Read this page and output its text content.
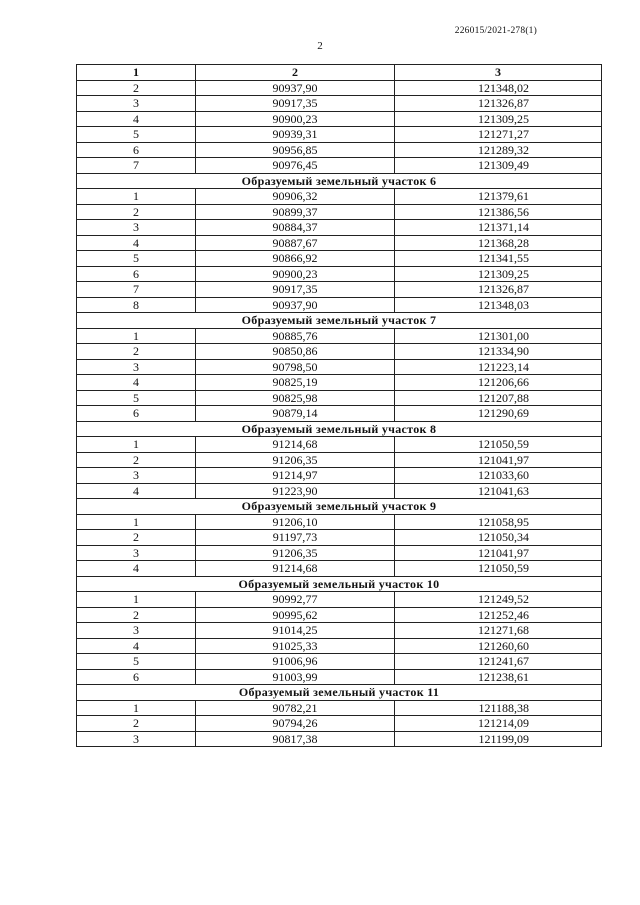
226015/2021-278(1)
2
1	2	3
2	90937,90	121348,02
3	90917,35	121326,87
4	90900,23	121309,25
5	90939,31	121271,27
6	90956,85	121289,32
7	90976,45	121309,49
Образуемый земельный участок 6		
1	90906,32	121379,61
2	90899,37	121386,56
3	90884,37	121371,14
4	90887,67	121368,28
5	90866,92	121341,55
6	90900,23	121309,25
7	90917,35	121326,87
8	90937,90	121348,03
Образуемый земельный участок 7		
1	90885,76	121301,00
2	90850,86	121334,90
3	90798,50	121223,14
4	90825,19	121206,66
5	90825,98	121207,88
6	90879,14	121290,69
Образуемый земельный участок 8		
1	91214,68	121050,59
2	91206,35	121041,97
3	91214,97	121033,60
4	91223,90	121041,63
Образуемый земельный участок 9		
1	91206,10	121058,95
2	91197,73	121050,34
3	91206,35	121041,97
4	91214,68	121050,59
Образуемый земельный участок 10		
1	90992,77	121249,52
2	90995,62	121252,46
3	91014,25	121271,68
4	91025,33	121260,60
5	91006,96	121241,67
6	91003,99	121238,61
Образуемый земельный участок 11		
1	90782,21	121188,38
2	90794,26	121214,09
3	90817,38	121199,09
